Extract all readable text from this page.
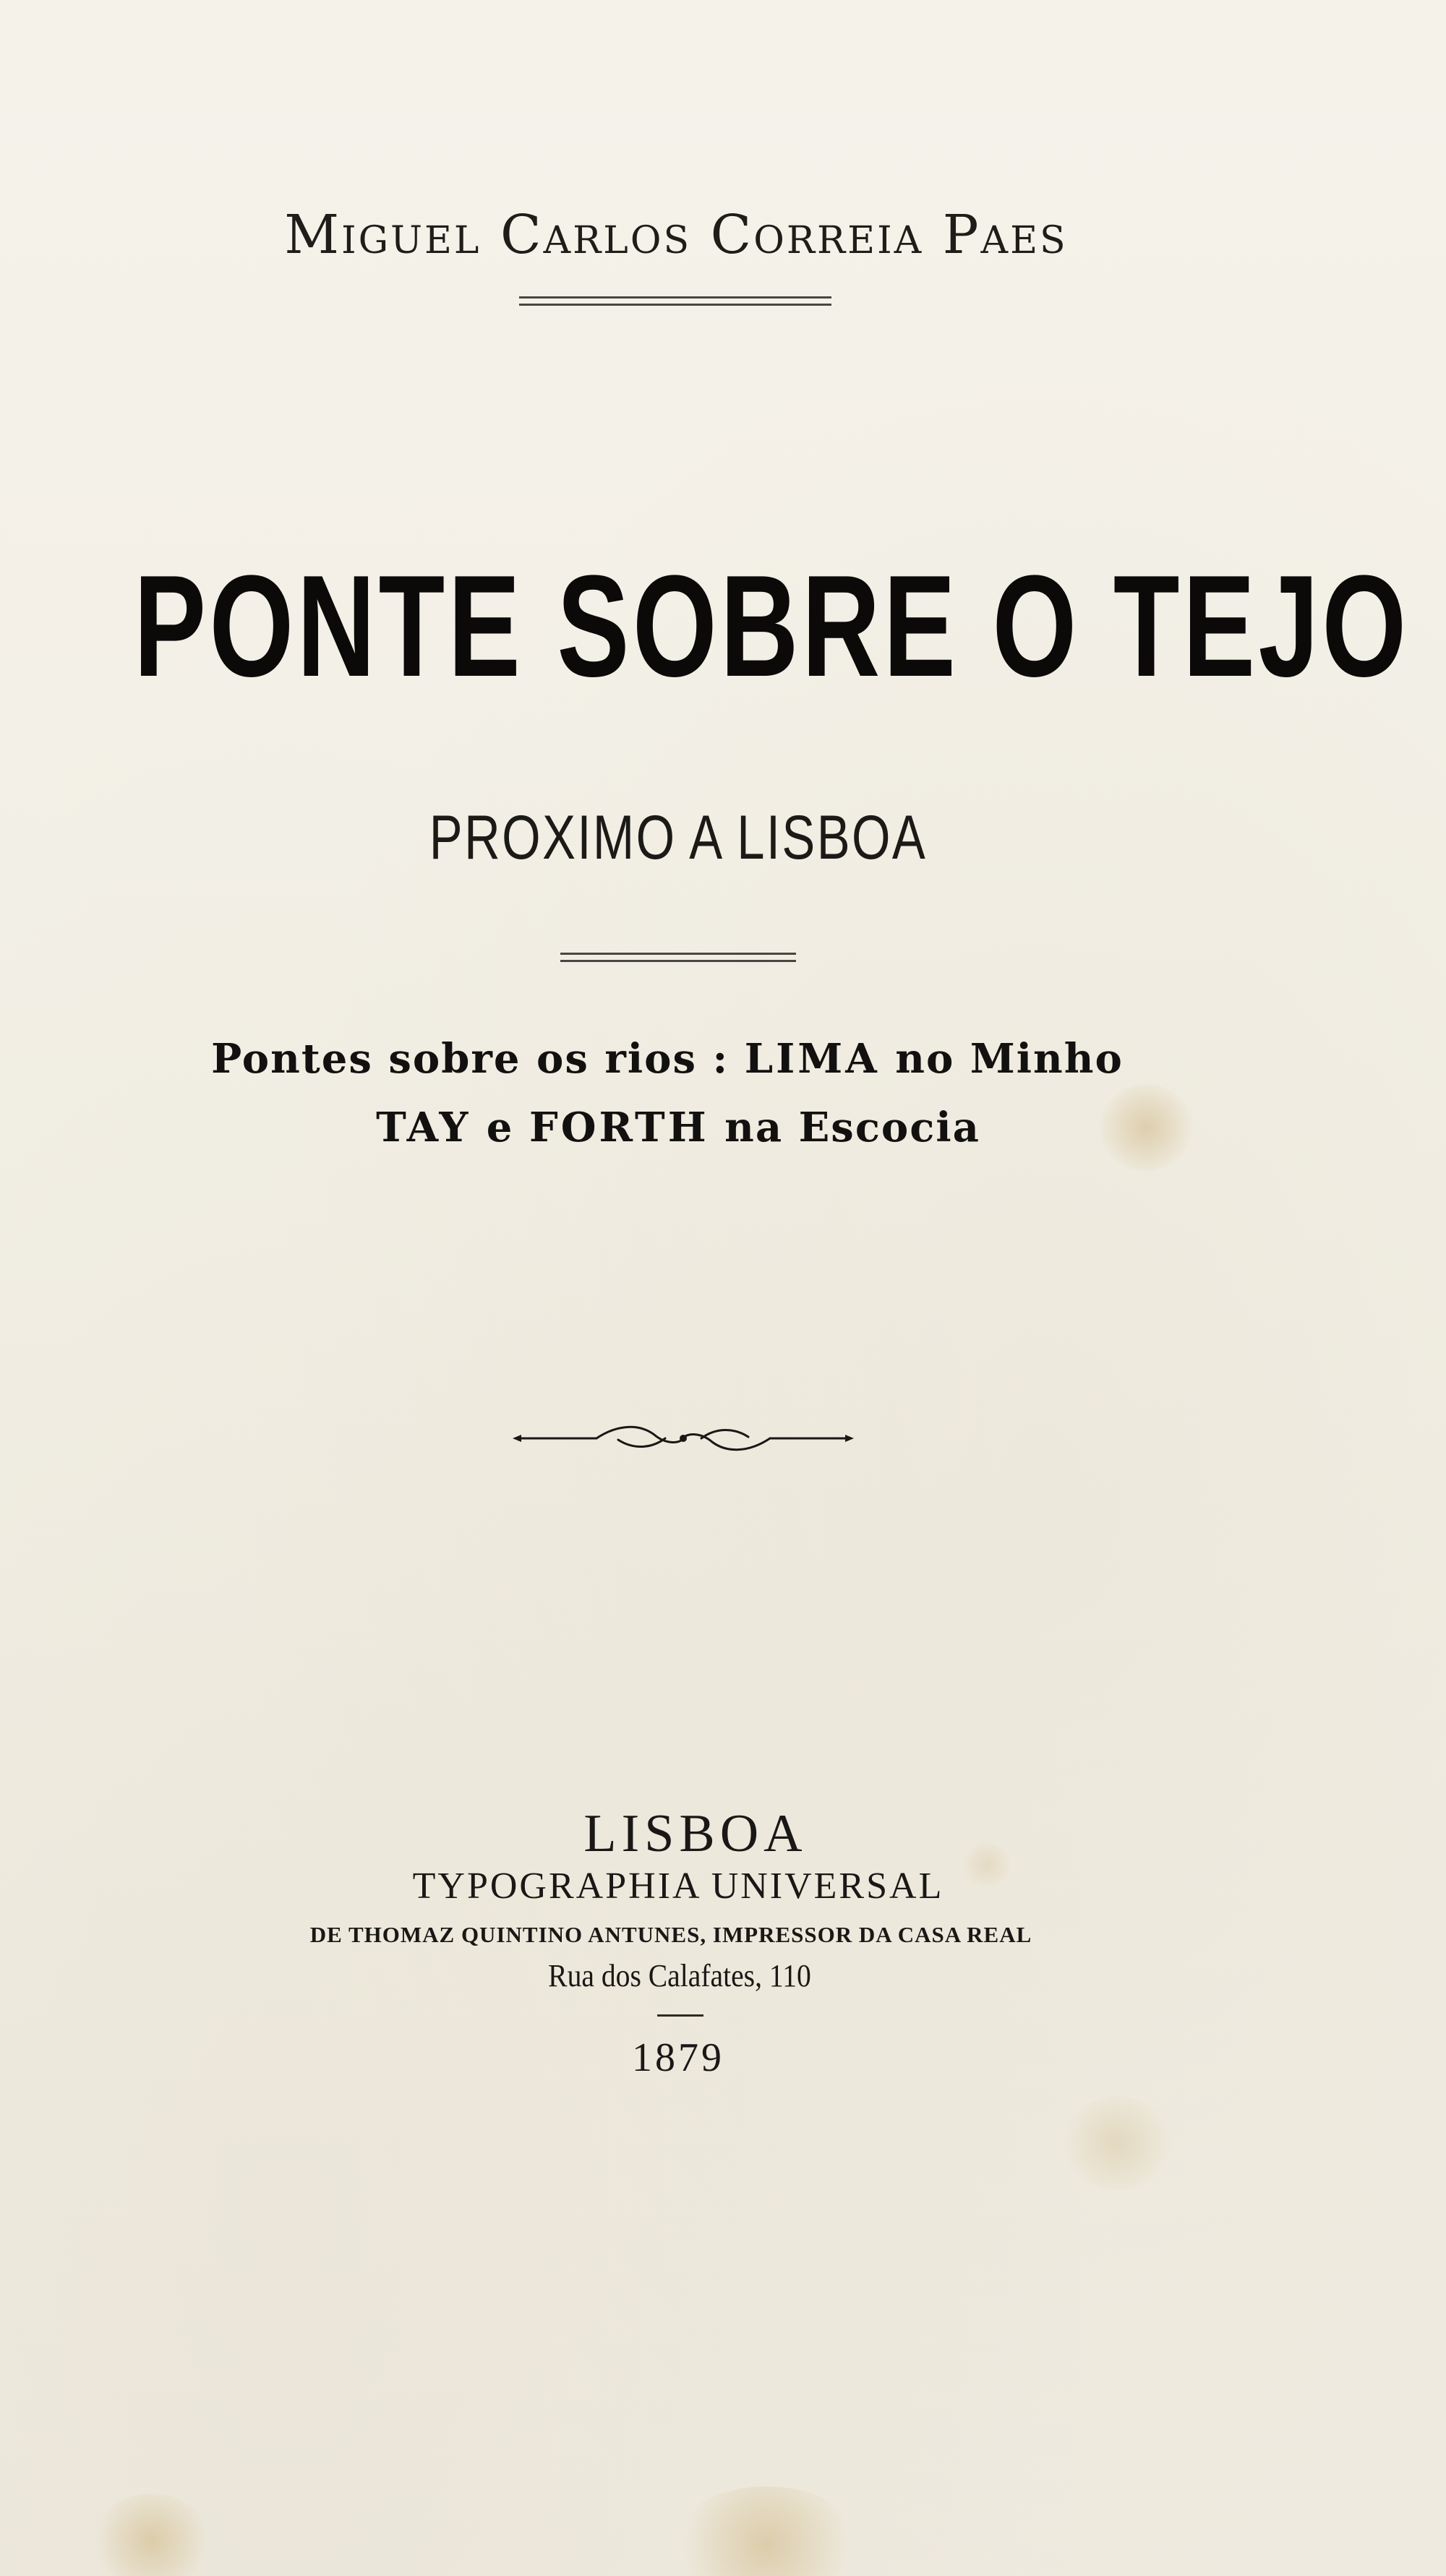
Miguel Carlos Correia Paes
PONTE SOBRE O TEJO
PROXIMO A LISBOA
Pontes sobre os rios : LIMA no Minho
TAY e FORTH na Escocia
LISBOA
TYPOGRAPHIA UNIVERSAL
DE THOMAZ QUINTINO ANTUNES, IMPRESSOR DA CASA REAL
Rua dos Calafates, 110
1879
